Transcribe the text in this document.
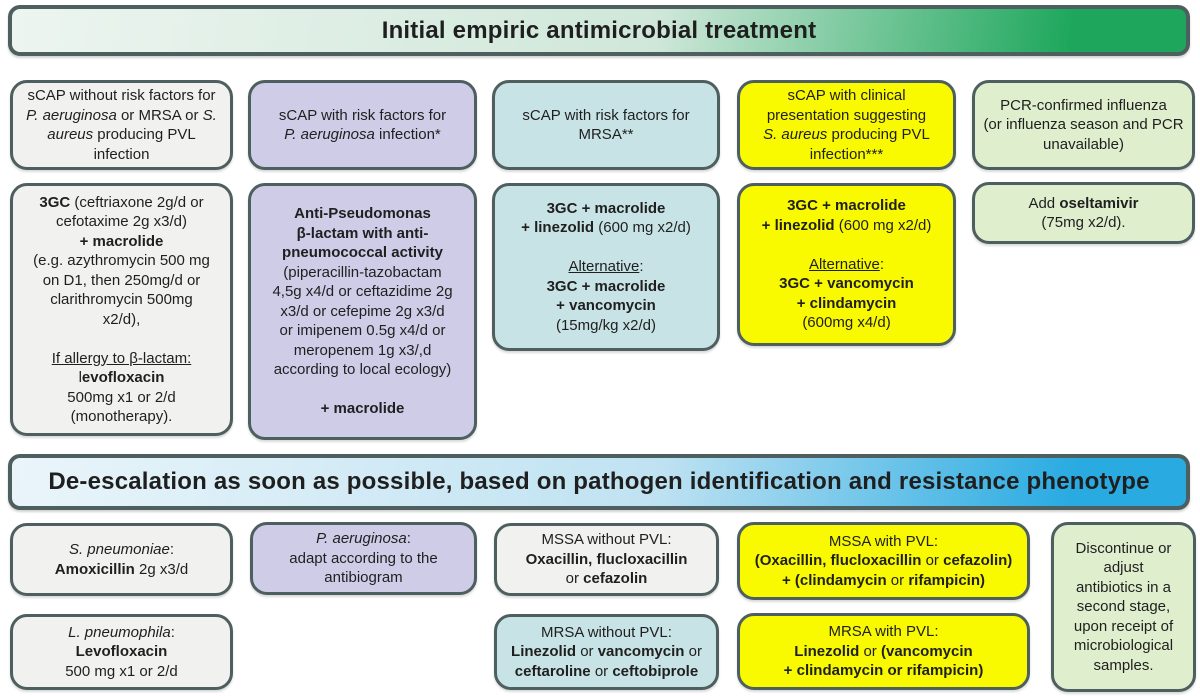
Initial empiric antimicrobial treatment
sCAP without risk factors for
P. aeruginosa or MRSA or S.
aureus producing PVL
infection
sCAP with risk factors for
P. aeruginosa infection*
sCAP with risk factors for
MRSA**
sCAP with clinical
presentation suggesting
S. aureus producing PVL
infection***
PCR-confirmed influenza
(or influenza season and PCR
unavailable)
3GC (ceftriaxone 2g/d or
cefotaxime 2g x3/d)
+ macrolide
(e.g. azythromycin 500 mg
on D1, then 250mg/d or
clarithromycin 500mg
x2/d),

If allergy to β-lactam:
levofloxacin
500mg x1 or 2/d
(monotherapy).
Anti-Pseudomonas
β-lactam with anti-
pneumococcal activity
(piperacillin-tazobactam
4,5g x4/d or ceftazidime 2g
x3/d or cefepime 2g x3/d
or imipenem 0.5g x4/d or
meropenem 1g x3/,d
according to local ecology)

+ macrolide
3GC + macrolide
+ linezolid (600 mg x2/d)

Alternative:
3GC + macrolide
+ vancomycin
(15mg/kg x2/d)
3GC + macrolide
+ linezolid (600 mg x2/d)

Alternative:
3GC + vancomycin
+ clindamycin
(600mg x4/d)
Add oseltamivir
(75mg x2/d).
De-escalation as soon as possible, based on pathogen identification and resistance phenotype
S. pneumoniae:
Amoxicillin 2g x3/d
L. pneumophila:
Levofloxacin
500 mg x1 or 2/d
P. aeruginosa:
adapt according to the
antibiogram
MSSA without PVL:
Oxacillin, flucloxacillin
or cefazolin
MRSA without PVL:
Linezolid or vancomycin or
ceftaroline or ceftobiprole
MSSA with PVL:
(Oxacillin, flucloxacillin or cefazolin)
+ (clindamycin or rifampicin)
MRSA with PVL:
Linezolid or (vancomycin
+ clindamycin or rifampicin)
Discontinue or
adjust
antibiotics in a
second stage,
upon receipt of
microbiological
samples.
